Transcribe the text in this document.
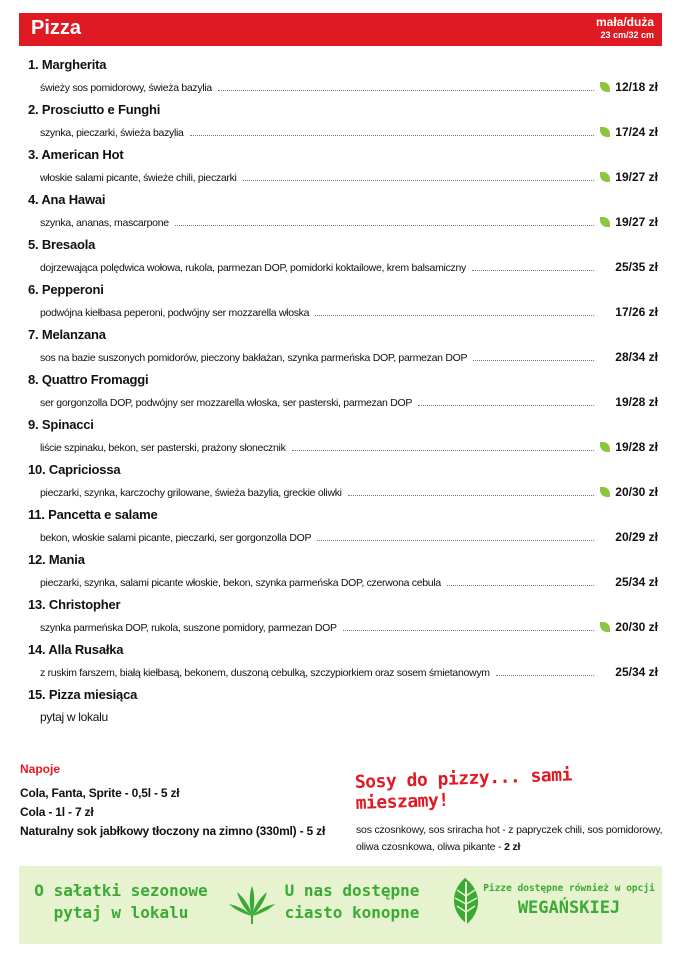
Pizza	mała/duża
23 cm/32 cm
1. Margherita
świeży sos pomidorowy, świeża bazylia	12/18 zł
2. Prosciutto e Funghi
szynka, pieczarki, świeża bazylia	17/24 zł
3. American Hot
włoskie salami picante, świeże chili, pieczarki	19/27 zł
4. Ana Hawai
szynka, ananas, mascarpone	19/27 zł
5. Bresaola
dojrzewająca polędwica wołowa, rukola, parmezan DOP, pomidorki koktailowe, krem balsamiczny	25/35 zł
6. Pepperoni
podwójna kiełbasa peperoni, podwójny ser mozzarella włoska	17/26 zł
7. Melanzana
sos na bazie suszonych pomidorów, pieczony bakłażan, szynka parmeńska DOP, parmezan DOP	28/34 zł
8. Quattro Fromaggi
ser gorgonzolla DOP, podwójny ser mozzarella włoska, ser pasterski, parmezan DOP	19/28 zł
9. Spinacci
liście szpinaku, bekon, ser pasterski, prażony słonecznik	19/28 zł
10. Capriciossa
pieczarki, szynka, karczochy grilowane, świeża bazylia, greckie oliwki	20/30 zł
11. Pancetta e salame
bekon, włoskie salami picante, pieczarki, ser gorgonzolla DOP	20/29 zł
12. Mania
pieczarki, szynka, salami picante włoskie, bekon, szynka parmeńska DOP, czerwona cebula	25/34 zł
13. Christopher
szynka parmeńska DOP, rukola, suszone pomidory, parmezan DOP	20/30 zł
14. Alla Rusałka
z ruskim farszem, białą kiełbasą, bekonem, duszoną cebulką, szczypiorkiem oraz sosem śmietanowym	25/34 zł
15. Pizza miesiąca
pytaj w lokalu
Napoje
Cola, Fanta, Sprite - 0,5l - 5 zł
Cola - 1l - 7 zł
Naturalny sok jabłkowy tłoczony na zimno (330ml) - 5 zł
Sosy do pizzy... sami mieszamy!
sos czosnkowy, sos sriracha hot - z papryczek chili, sos pomidorowy,
oliwa czosnkowa, oliwa pikante - 2 zł
O sałatki sezonowe
pytaj w lokalu
U nas dostępne
ciasto konopne
Pizze dostępne również w opcji
WEGAŃSKIEJ
